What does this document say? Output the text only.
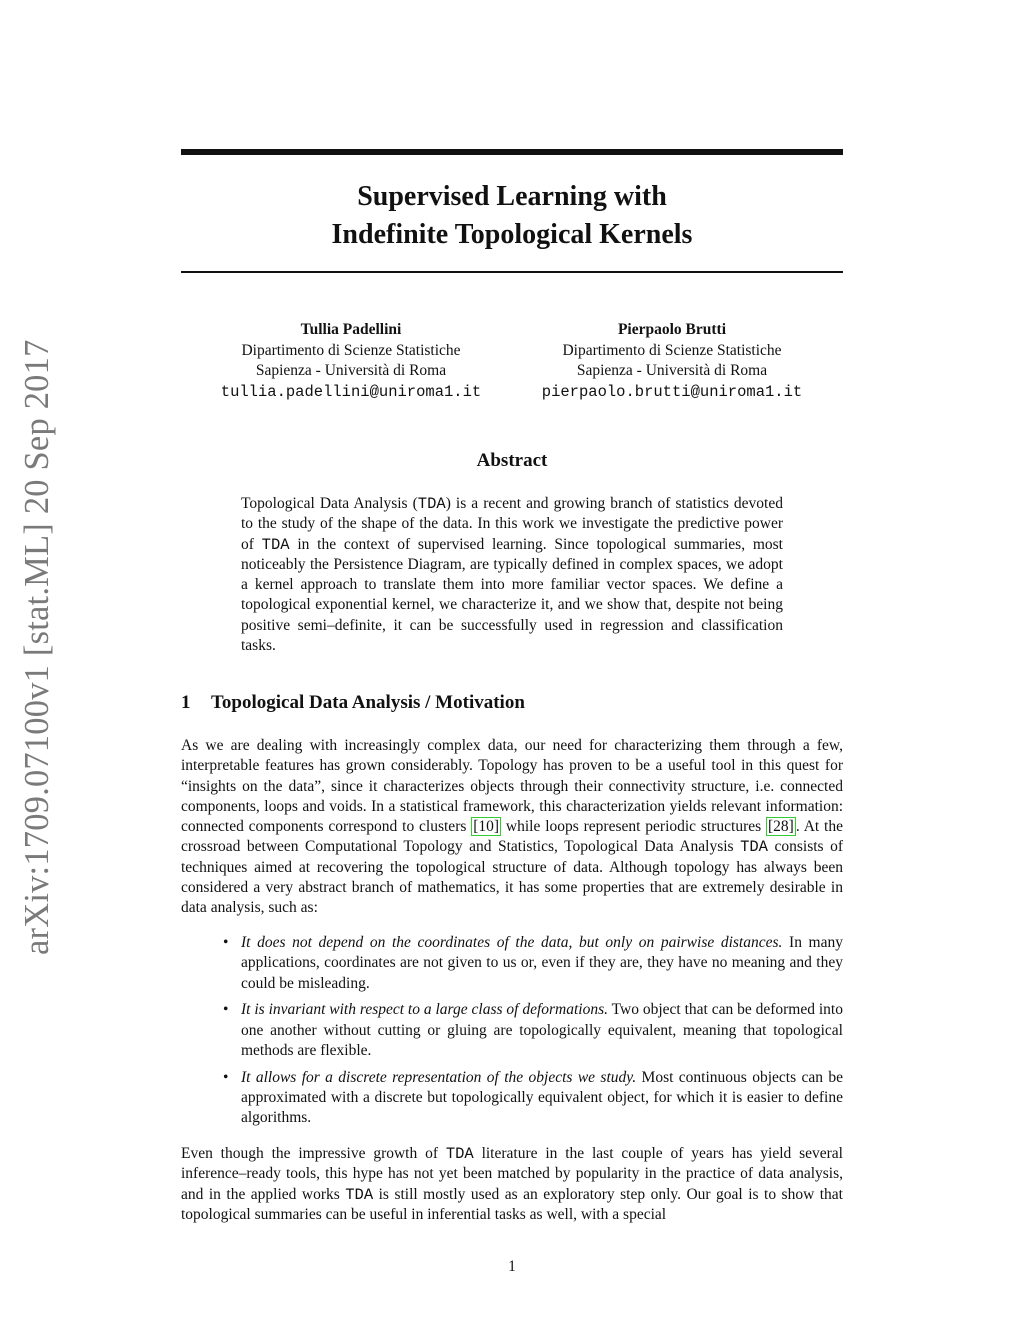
arXiv:1709.07100v1 [stat.ML] 20 Sep 2017
Supervised Learning with
Indefinite Topological Kernels
Tullia Padellini
Dipartimento di Scienze Statistiche
Sapienza - Università di Roma
tullia.padellini@uniroma1.it
Pierpaolo Brutti
Dipartimento di Scienze Statistiche
Sapienza - Università di Roma
pierpaolo.brutti@uniroma1.it
Abstract
Topological Data Analysis (TDA) is a recent and growing branch of statistics devoted to the study of the shape of the data. In this work we investigate the predictive power of TDA in the context of supervised learning. Since topological summaries, most noticeably the Persistence Diagram, are typically defined in complex spaces, we adopt a kernel approach to translate them into more familiar vector spaces. We define a topological exponential kernel, we characterize it, and we show that, despite not being positive semi–definite, it can be successfully used in regression and classification tasks.
1 Topological Data Analysis / Motivation
As we are dealing with increasingly complex data, our need for characterizing them through a few, interpretable features has grown considerably. Topology has proven to be a useful tool in this quest for “insights on the data”, since it characterizes objects through their connectivity structure, i.e. connected components, loops and voids. In a statistical framework, this characterization yields relevant information: connected components correspond to clusters [10] while loops represent periodic structures [28] . At the crossroad between Computational Topology and Statistics, Topological Data Analysis TDA consists of techniques aimed at recovering the topological structure of data. Although topology has always been considered a very abstract branch of mathematics, it has some properties that are extremely desirable in data analysis, such as:
• It does not depend on the coordinates of the data, but only on pairwise distances. In many applications, coordinates are not given to us or, even if they are, they have no meaning and they could be misleading.
• It is invariant with respect to a large class of deformations. Two object that can be deformed into one another without cutting or gluing are topologically equivalent, meaning that topological methods are flexible.
• It allows for a discrete representation of the objects we study. Most continuous objects can be approximated with a discrete but topologically equivalent object, for which it is easier to define algorithms.
Even though the impressive growth of TDA literature in the last couple of years has yield several inference–ready tools, this hype has not yet been matched by popularity in the practice of data analysis, and in the applied works TDA is still mostly used as an exploratory step only. Our goal is to show that topological summaries can be useful in inferential tasks as well, with a special
1
